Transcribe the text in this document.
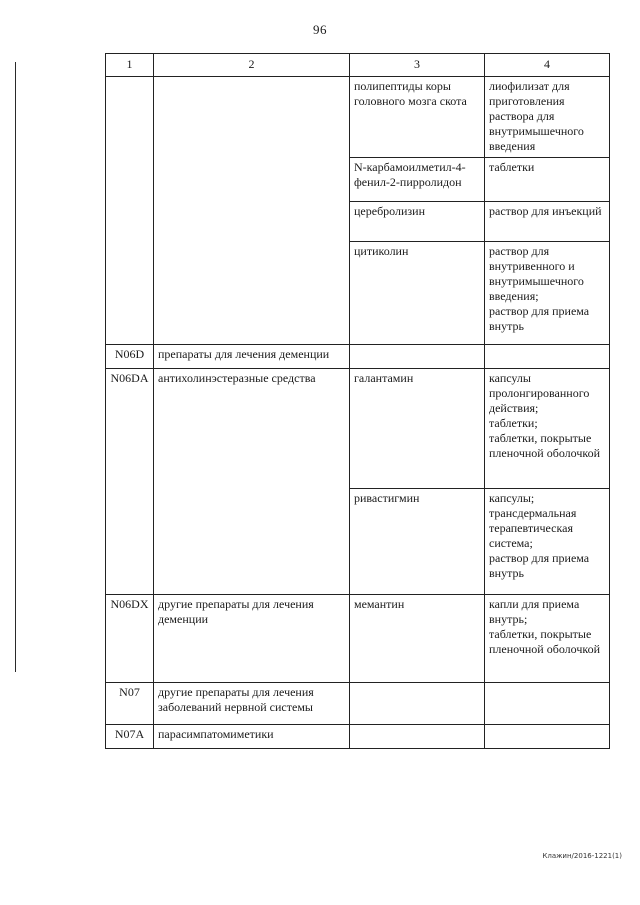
96
1	2	3	4
		полипептиды коры головного мозга скота	лиофилизат для приготовления раствора для внутримышечного введения

		N-карбамоилметил-4-фенил-2-пирролидон	таблетки

		церебролизин	раствор для инъекций

		цитиколин	раствор для внутривенного и внутримышечного введения;
раствор для приема внутрь

N06D	препараты для лечения деменции		

N06DA	антихолинэстеразные средства	галантамин	капсулы пролонгированного действия;
таблетки;
таблетки, покрытые пленочной оболочкой

		ривастигмин	капсулы;
трансдермальная терапевтическая система;
раствор для приема внутрь

N06DX	другие препараты для лечения деменции	мемантин	капли для приема внутрь;
таблетки, покрытые пленочной оболочкой

N07	другие препараты для лечения заболеваний нервной системы		

N07A	парасимпатомиметики		
Клажин/2016-1221(1)
